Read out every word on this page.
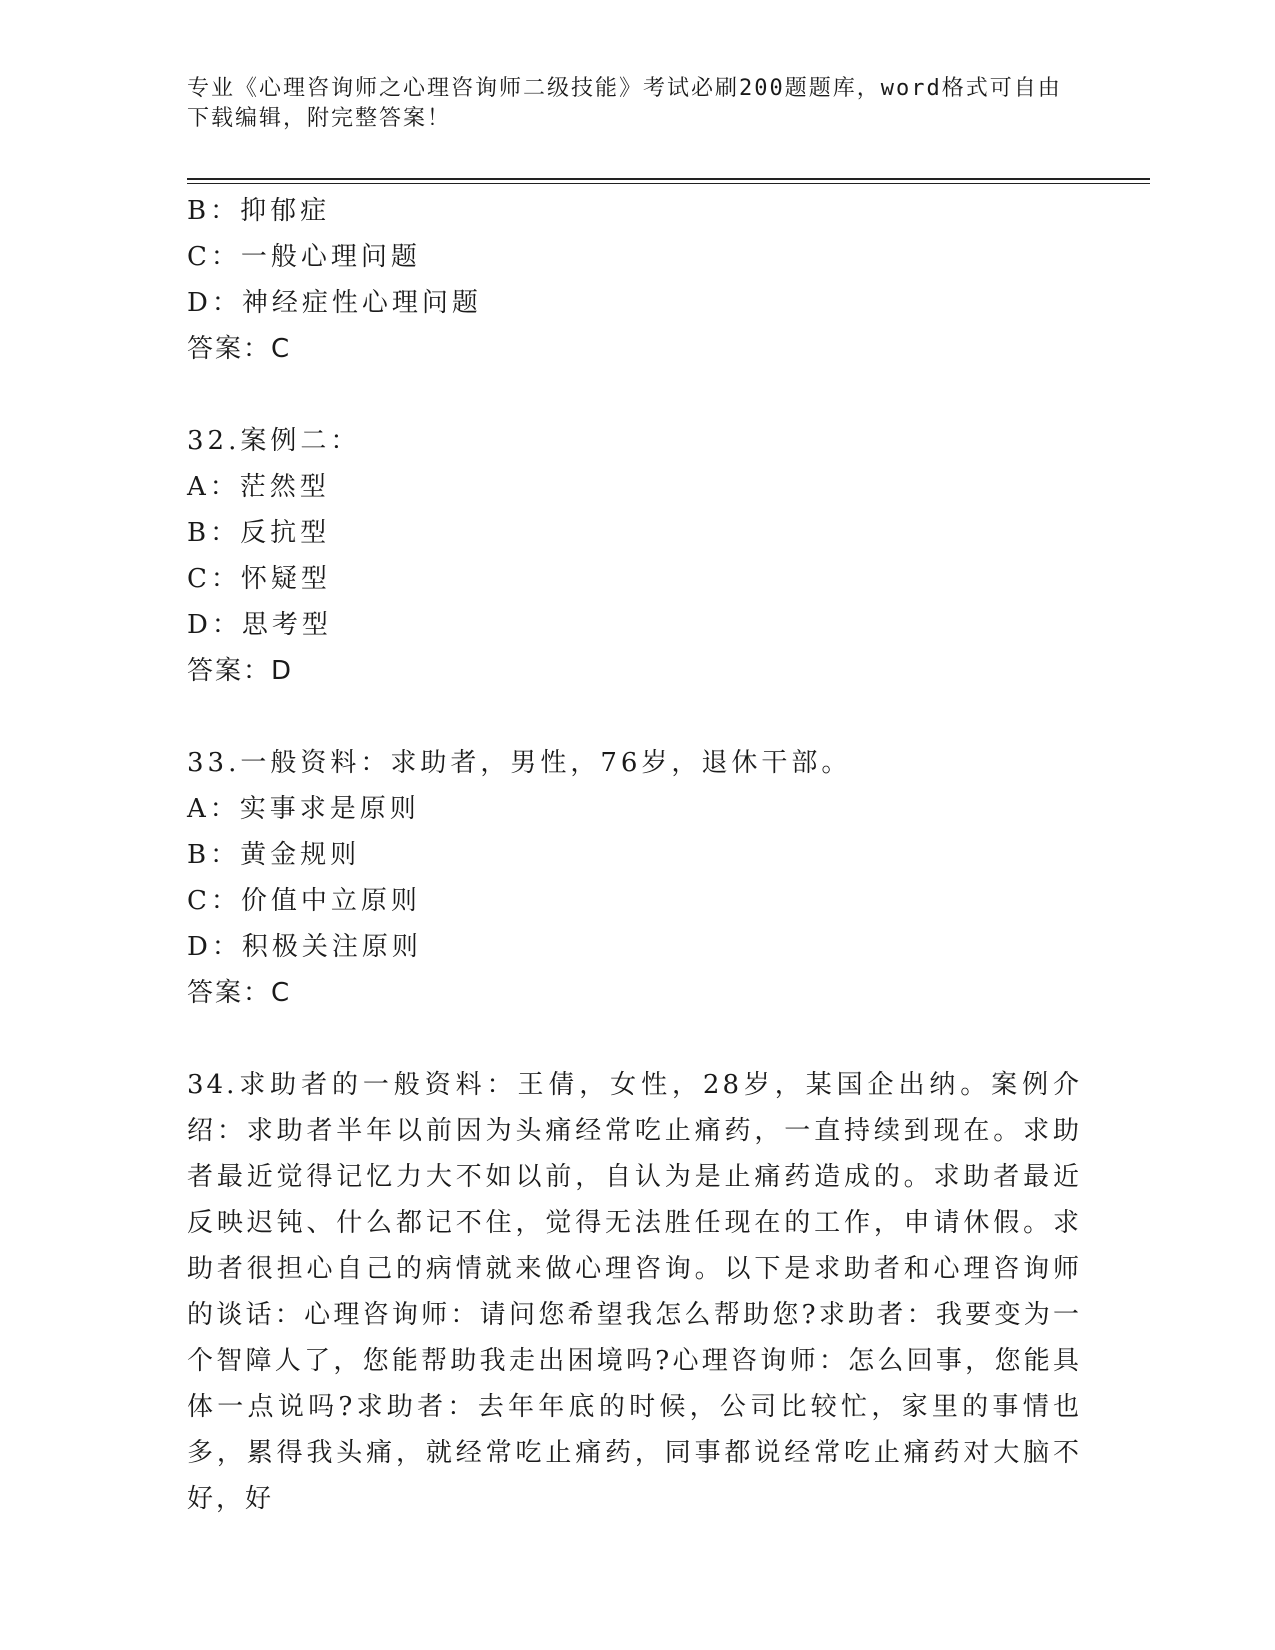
专业《心理咨询师之心理咨询师二级技能》考试必刷200题题库，word格式可自由下载编辑，附完整答案！
B：抑郁症
C：一般心理问题
D：神经症性心理问题
答案：C
32.案例二：
A：茫然型
B：反抗型
C：怀疑型
D：思考型
答案：D
33.一般资料：求助者，男性，76岁，退休干部。
A：实事求是原则
B：黄金规则
C：价值中立原则
D：积极关注原则
答案：C
34.求助者的一般资料：王倩，女性，28岁，某国企出纳。案例介绍：求助者半年以前因为头痛经常吃止痛药，一直持续到现在。求助者最近觉得记忆力大不如以前，自认为是止痛药造成的。求助者最近反映迟钝、什么都记不住，觉得无法胜任现在的工作，申请休假。求助者很担心自己的病情就来做心理咨询。以下是求助者和心理咨询师的谈话：心理咨询师：请问您希望我怎么帮助您?求助者：我要变为一个智障人了，您能帮助我走出困境吗?心理咨询师：怎么回事，您能具体一点说吗?求助者：去年年底的时候，公司比较忙，家里的事情也多，累得我头痛，就经常吃止痛药，同事都说经常吃止痛药对大脑不好，好
